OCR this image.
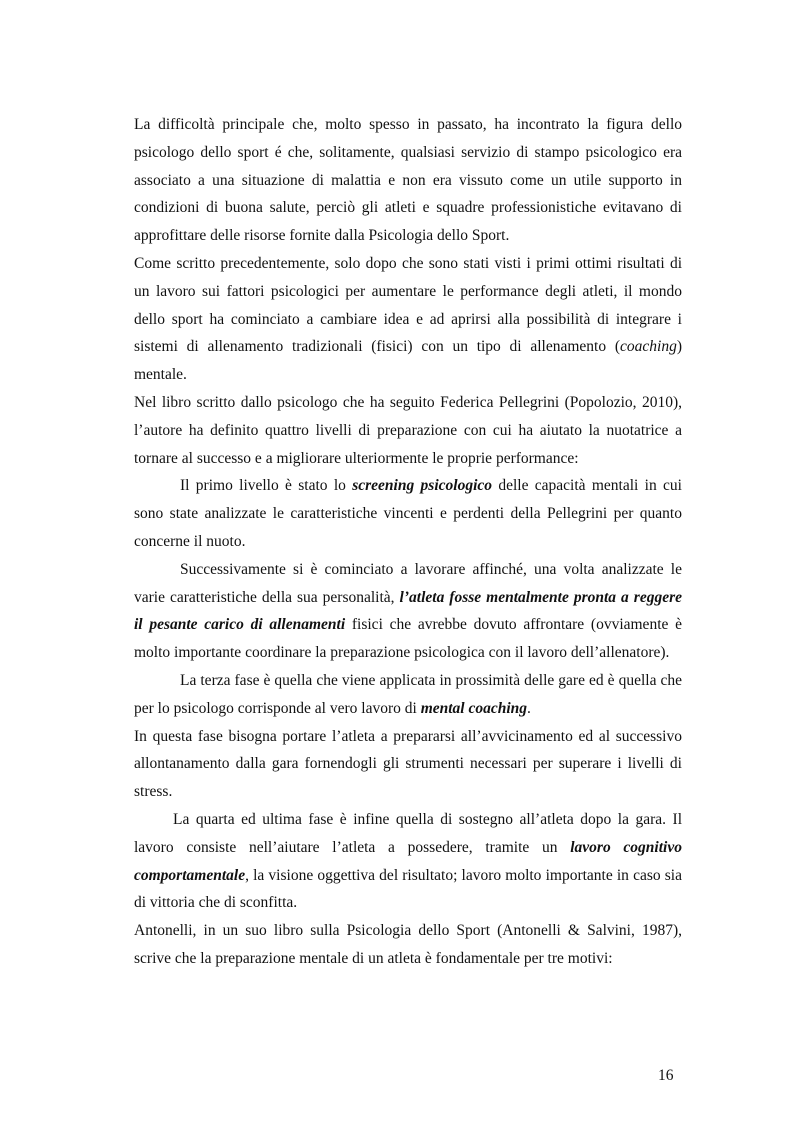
La difficoltà principale che, molto spesso in passato, ha incontrato la figura dello psicologo dello sport é che, solitamente, qualsiasi servizio di stampo psicologico era associato a una situazione di malattia e non era vissuto come un utile supporto in condizioni di buona salute, perciò gli atleti e squadre professionistiche evitavano di approfittare delle risorse fornite dalla Psicologia dello Sport.

Come scritto precedentemente, solo dopo che sono stati visti i primi ottimi risultati di un lavoro sui fattori psicologici per aumentare le performance degli atleti, il mondo dello sport ha cominciato a cambiare idea e ad aprirsi alla possibilità di integrare i sistemi di allenamento tradizionali (fisici) con un tipo di allenamento (coaching) mentale.

Nel libro scritto dallo psicologo che ha seguito Federica Pellegrini (Popolozio, 2010), l’autore ha definito quattro livelli di preparazione con cui ha aiutato la nuotatrice a tornare al successo e a migliorare ulteriormente le proprie performance:

Il primo livello è stato lo screening psicologico delle capacità mentali in cui sono state analizzate le caratteristiche vincenti e perdenti della Pellegrini per quanto concerne il nuoto.

Successivamente si è cominciato a lavorare affinché, una volta analizzate le varie caratteristiche della sua personalità, l’atleta fosse mentalmente pronta a reggere il pesante carico di allenamenti fisici che avrebbe dovuto affrontare (ovviamente è molto importante coordinare la preparazione psicologica con il lavoro dell’allenatore).

La terza fase è quella che viene applicata in prossimità delle gare ed è quella che per lo psicologo corrisponde al vero lavoro di mental coaching.

In questa fase bisogna portare l’atleta a prepararsi all’avvicinamento ed al successivo allontanamento dalla gara fornendogli gli strumenti necessari per superare i livelli di stress.

La quarta ed ultima fase è infine quella di sostegno all’atleta dopo la gara. Il lavoro consiste nell’aiutare l’atleta a possedere, tramite un lavoro cognitivo comportamentale, la visione oggettiva del risultato; lavoro molto importante in caso sia di vittoria che di sconfitta.

Antonelli, in un suo libro sulla Psicologia dello Sport (Antonelli & Salvini, 1987), scrive che la preparazione mentale di un atleta è fondamentale per tre motivi:

16
